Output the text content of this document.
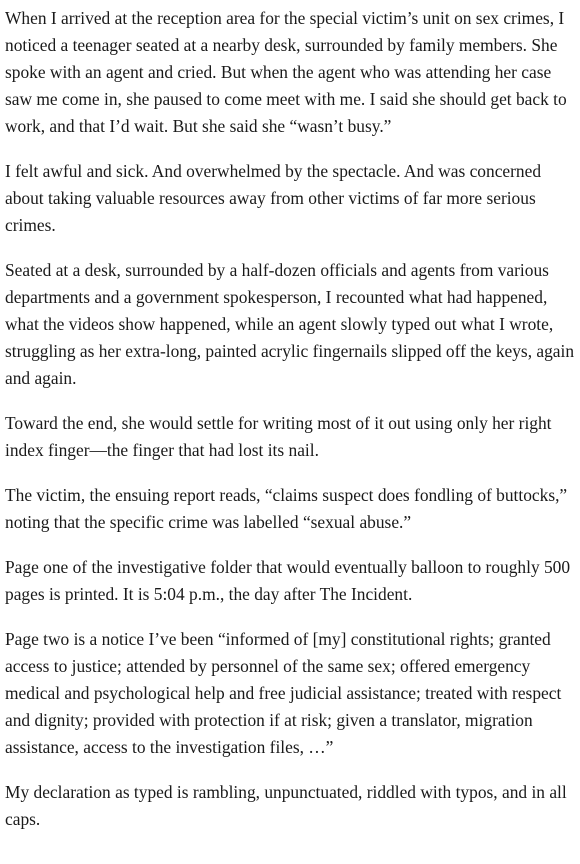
When I arrived at the reception area for the special victim’s unit on sex crimes, I noticed a teenager seated at a nearby desk, surrounded by family members. She spoke with an agent and cried. But when the agent who was attending her case saw me come in, she paused to come meet with me. I said she should get back to work, and that I’d wait. But she said she “wasn’t busy.”

I felt awful and sick. And overwhelmed by the spectacle. And was concerned about taking valuable resources away from other victims of far more serious crimes.

Seated at a desk, surrounded by a half-dozen officials and agents from various departments and a government spokesperson, I recounted what had happened, what the videos show happened, while an agent slowly typed out what I wrote, struggling as her extra-long, painted acrylic fingernails slipped off the keys, again and again.

Toward the end, she would settle for writing most of it out using only her right index finger—the finger that had lost its nail.

The victim, the ensuing report reads, “claims suspect does fondling of buttocks,” noting that the specific crime was labelled “sexual abuse.”

Page one of the investigative folder that would eventually balloon to roughly 500 pages is printed. It is 5:04 p.m., the day after The Incident.

Page two is a notice I’ve been “informed of [my] constitutional rights; granted access to justice; attended by personnel of the same sex; offered emergency medical and psychological help and free judicial assistance; treated with respect and dignity; provided with protection if at risk; given a translator, migration assistance, access to the investigation files, …”

My declaration as typed is rambling, unpunctuated, riddled with typos, and in all caps.
